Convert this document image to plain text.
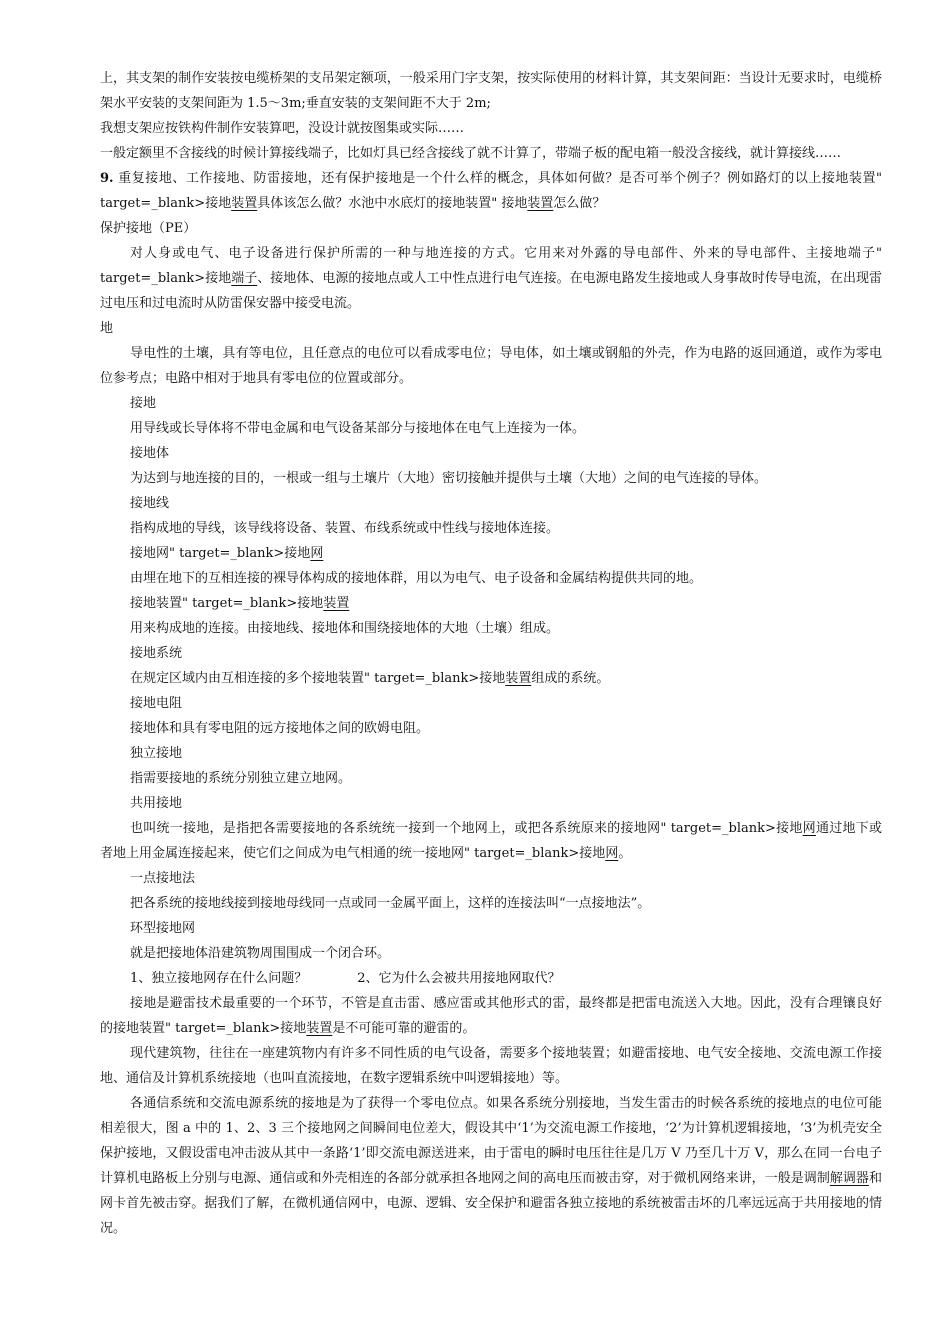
上，其支架的制作安装按电缆桥架的支吊架定额项，一般采用门字支架，按实际使用的材料计算，其支架间距：当设计无要求时，电缆桥架水平安装的支架间距为 1.5～3m;垂直安装的支架间距不大于 2m;

我想支架应按铁构件制作安装算吧，没设计就按图集或实际……

一般定额里不含接线的时候计算接线端子，比如灯具已经含接线了就不计算了，带端子板的配电箱一般没含接线，就计算接线……

9. 重复接地、工作接地、防雷接地，还有保护接地是一个什么样的概念，具体如何做？是否可举个例子？例如路灯的以上接地装置" target=_blank>接地装置具体该怎么做？水池中水底灯的接地装置" 接地装置怎么做？

保护接地（PE）

对人身或电气、电子设备进行保护所需的一种与地连接的方式。它用来对外露的导电部件、外来的导电部件、主接地端子" target=_blank>接地端子、接地体、电源的接地点或人工中性点进行电气连接。在电源电路发生接地或人身事故时传导电流，在出现雷过电压和过电流时从防雷保安器中接受电流。

地

导电性的土壤，具有等电位，且任意点的电位可以看成零电位；导电体，如土壤或钢船的外壳，作为电路的返回通道，或作为零电位参考点；电路中相对于地具有零电位的位置或部分。

接地

用导线或长导体将不带电金属和电气设备某部分与接地体在电气上连接为一体。

接地体

为达到与地连接的目的，一根或一组与土壤片（大地）密切接触并提供与土壤（大地）之间的电气连接的导体。

接地线

指构成地的导线，该导线将设备、装置、布线系统或中性线与接地体连接。

接地网" target=_blank>接地网

由埋在地下的互相连接的裸导体构成的接地体群，用以为电气、电子设备和金属结构提供共同的地。

接地装置" target=_blank>接地装置

用来构成地的连接。由接地线、接地体和围绕接地体的大地（土壤）组成。

接地系统

在规定区域内由互相连接的多个接地装置" target=_blank>接地装置组成的系统。

接地电阻

接地体和具有零电阻的远方接地体之间的欧姆电阻。

独立接地

指需要接地的系统分别独立建立地网。

共用接地

也叫统一接地，是指把各需要接地的各系统统一接到一个地网上，或把各系统原来的接地网" target=_blank>接地网通过地下或者地上用金属连接起来，使它们之间成为电气相通的统一接地网" target=_blank>接地网。

一点接地法

把各系统的接地线接到接地母线同一点或同一金属平面上，这样的连接法叫“一点接地法”。

环型接地网

就是把接地体沿建筑物周围围成一个闭合环。

1、独立接地网存在什么问题？	2、它为什么会被共用接地网取代？

接地是避雷技术最重要的一个环节，不管是直击雷、感应雷或其他形式的雷，最终都是把雷电流送入大地。因此，没有合理镶良好的接地装置" target=_blank>接地装置是不可能可靠的避雷的。

现代建筑物，往往在一座建筑物内有许多不同性质的电气设备，需要多个接地装置；如避雷接地、电气安全接地、交流电源工作接地、通信及计算机系统接地（也叫直流接地，在数字逻辑系统中叫逻辑接地）等。

各通信系统和交流电源系统的接地是为了获得一个零电位点。如果各系统分别接地，当发生雷击的时候各系统的接地点的电位可能相差很大，图 a 中的 1、2、3 三个接地网之间瞬间电位差大，假设其中‘1’为交流电源工作接地，‘2’为计算机逻辑接地，‘3’为机壳安全保护接地，又假设雷电冲击波从其中一条路‘1’即交流电源送进来，由于雷电的瞬时电压往往是几万 V 乃至几十万 V，那么在同一台电子计算机电路板上分别与电源、通信或和外壳相连的各部分就承担各地网之间的高电压而被击穿，对于微机网络来讲，一般是调制解调器和网卡首先被击穿。据我们了解，在微机通信网中，电源、逻辑、安全保护和避雷各独立接地的系统被雷击坏的几率远远高于共用接地的情况。
